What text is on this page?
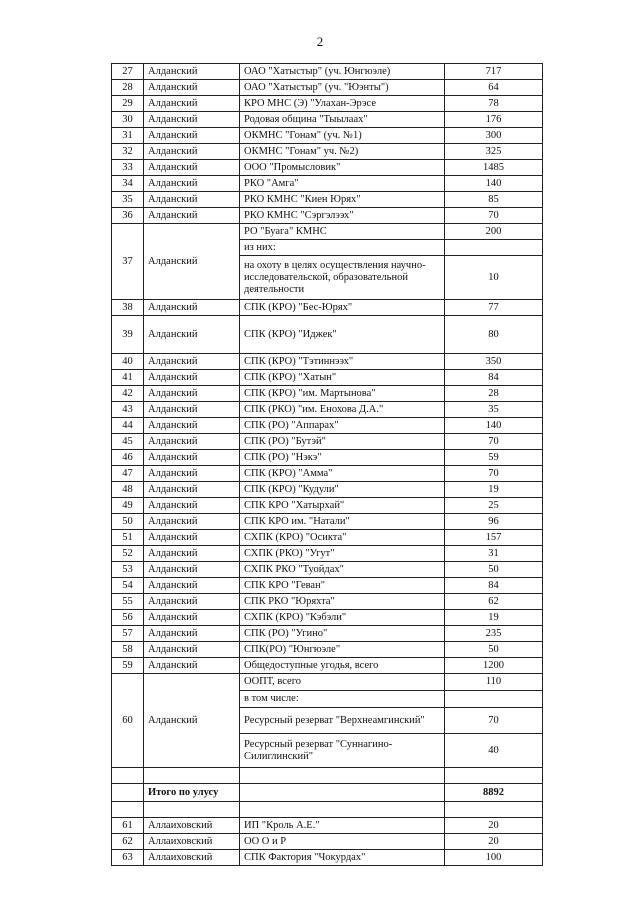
2
27	Алданский	ОАО "Хатыстыр" (уч. Юнгюэле)	717
28	Алданский	ОАО "Хатыстыр" (уч. "Юэнты")	64
29	Алданский	КРО МНС (Э) "Улахан-Эрэсе	78
30	Алданский	Родовая община "Тыылаах"	176
31	Алданский	ОКМНС "Гонам" (уч. №1)	300
32	Алданский	ОКМНС "Гонам" уч. №2)	325
33	Алданский	ООО "Промысловик"	1485
34	Алданский	РКО "Амга"	140
35	Алданский	РКО КМНС "Киен Юрях"	85
36	Алданский	РКО КМНС "Сэргэлээх"	70
37	Алданский	РО "Буага" КМНС	200
		из них:	
		на охоту в целях осуществления научно-исследовательской, образовательной деятельности	10
38	Алданский	СПК (КРО) "Бес-Юрях"	77
39	Алданский	СПК (КРО) "Иджек"	80
40	Алданский	СПК (КРО) "Тэтиннээх"	350
41	Алданский	СПК (КРО) "Хатын"	84
42	Алданский	СПК (КРО) "им. Мартынова"	28
43	Алданский	СПК (РКО) "им. Енохова Д.А."	35
44	Алданский	СПК (РО) "Аппарах"	140
45	Алданский	СПК (РО) "Бутэй"	70
46	Алданский	СПК (РО) "Нэкэ"	59
47	Алданский	СПК (КРО) "Амма"	70
48	Алданский	СПК (КРО) "Кудули"	19
49	Алданский	СПК КРО "Хатырхай"	25
50	Алданский	СПК КРО им. "Натали"	96
51	Алданский	СХПК (КРО) "Осикта"	157
52	Алданский	СХПК (РКО) "Угут"	31
53	Алданский	СХПК РКО "Туойдах"	50
54	Алданский	СПК КРО "Геван"	84
55	Алданский	СПК РКО "Юряхта"	62
56	Алданский	СХПК (КРО) "Кэбэли"	19
57	Алданский	СПК (РО) "Угино"	235
58	Алданский	СПК(РО) "Юнгюэле"	50
59	Алданский	Общедоступные угодья, всего	1200
60	Алданский	ООПТ, всего	110
		в том числе:	
		Ресурсный резерват "Верхнеамгинский"	70
		Ресурсный резерват "Суннагино-Силиглинский"	40

	Итого по улусу		8892

61	Аллаиховский	ИП "Кроль А.Е."	20
62	Аллаиховский	ОО О и Р	20
63	Аллаиховский	СПК Фактория "Чокурдах"	100
